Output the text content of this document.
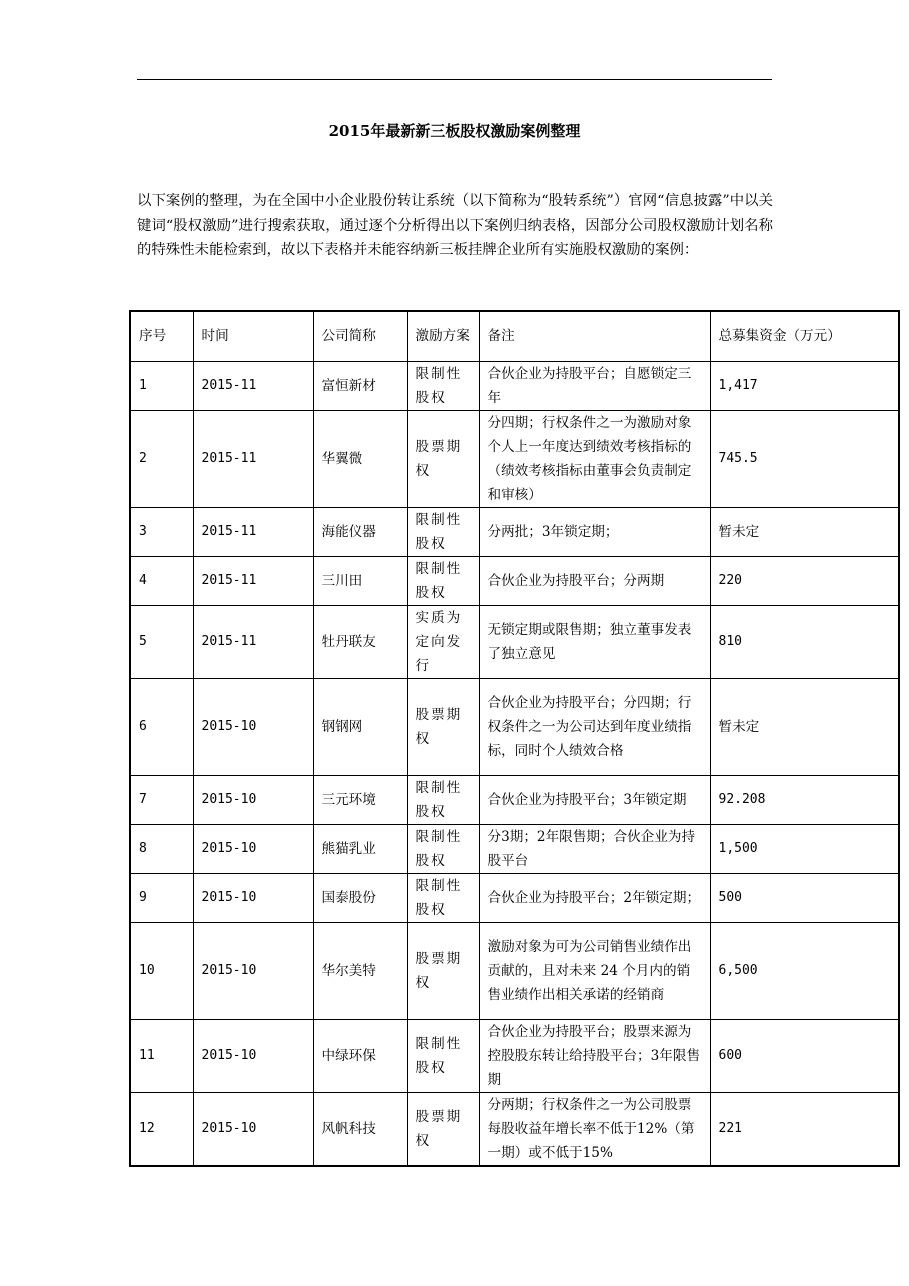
2015年最新新三板股权激励案例整理

以下案例的整理，为在全国中小企业股份转让系统（以下简称为“股转系统”）官网“信息披露”中以关键词“股权激励”进行搜索获取，通过逐个分析得出以下案例归纳表格，因部分公司股权激励计划名称的特殊性未能检索到，故以下表格并未能容纳新三板挂牌企业所有实施股权激励的案例：

序号	时间	公司简称	激励方案	备注	总募集资金（万元）
1	2015-11	富恒新材	限制性股权	合伙企业为持股平台；自愿锁定三年	1,417
2	2015-11	华翼微	股票期权	分四期；行权条件之一为激励对象个人上一年度达到绩效考核指标的（绩效考核指标由董事会负责制定和审核）	745.5
3	2015-11	海能仪器	限制性股权	分两批；3年锁定期；	暂未定
4	2015-11	三川田	限制性股权	合伙企业为持股平台；分两期	220
5	2015-11	牡丹联友	实质为定向发行	无锁定期或限售期；独立董事发表了独立意见	810
6	2015-10	钢钢网	股票期权	合伙企业为持股平台；分四期；行权条件之一为公司达到年度业绩指标，同时个人绩效合格	暂未定
7	2015-10	三元环境	限制性股权	合伙企业为持股平台；3年锁定期	92.208
8	2015-10	熊猫乳业	限制性股权	分3期；2年限售期；合伙企业为持股平台	1,500
9	2015-10	国泰股份	限制性股权	合伙企业为持股平台；2年锁定期；	500
10	2015-10	华尔美特	股票期权	激励对象为可为公司销售业绩作出贡献的，且对未来 24 个月内的销售业绩作出相关承诺的经销商	6,500
11	2015-10	中绿环保	限制性股权	合伙企业为持股平台；股票来源为控股股东转让给持股平台；3年限售期	600
12	2015-10	风帆科技	股票期权	分两期；行权条件之一为公司股票每股收益年增长率不低于12%（第一期）或不低于15%	221
